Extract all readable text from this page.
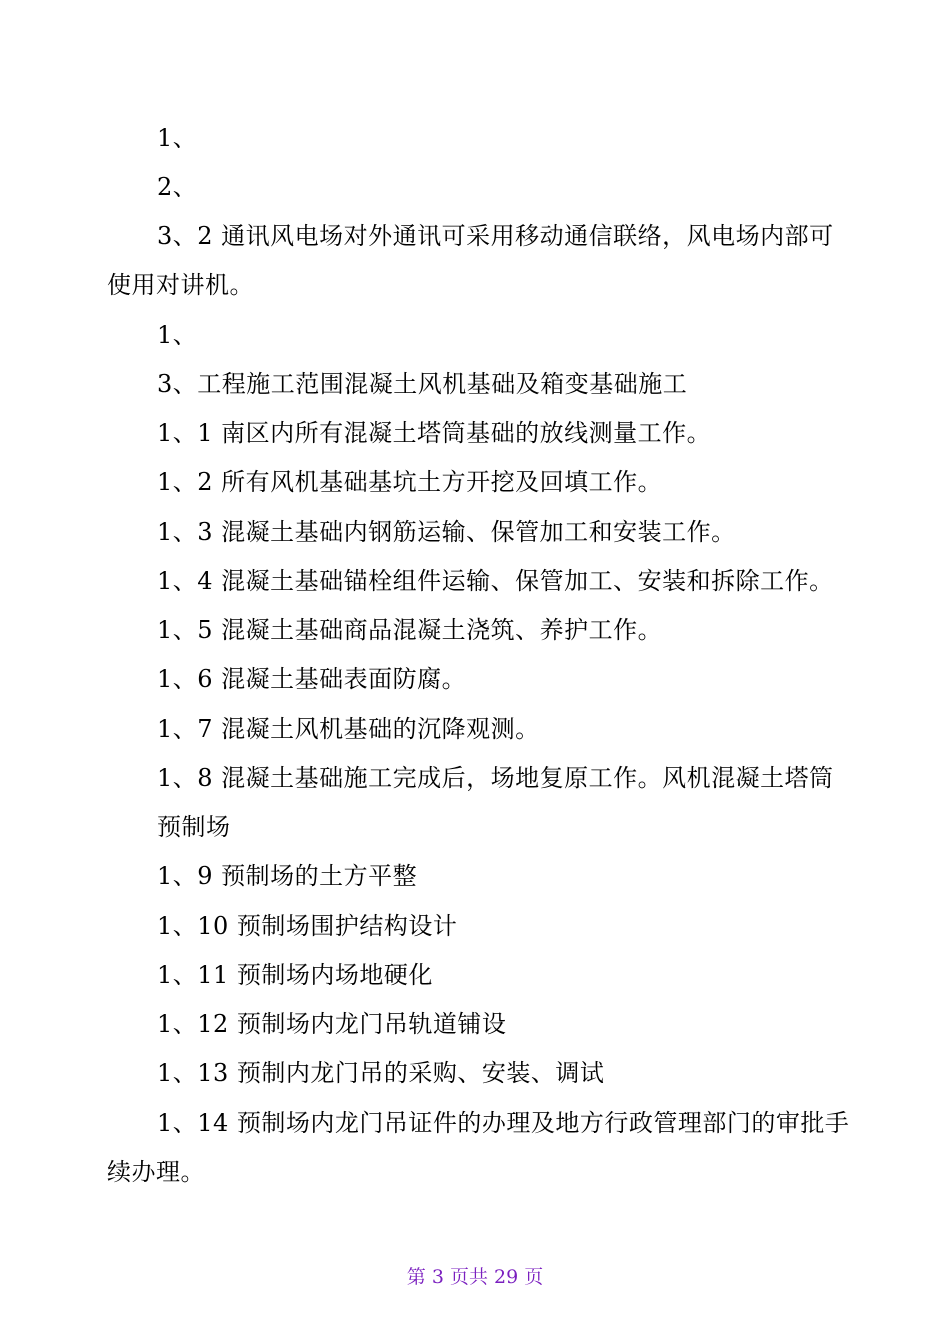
1、
2、
3、2 通讯风电场对外通讯可采用移动通信联络，风电场内部可
使用对讲机。
1、
3、工程施工范围混凝土风机基础及箱变基础施工
1、1 南区内所有混凝土塔筒基础的放线测量工作。
1、2 所有风机基础基坑土方开挖及回填工作。
1、3 混凝土基础内钢筋运输、保管加工和安装工作。
1、4 混凝土基础锚栓组件运输、保管加工、安装和拆除工作。
1、5 混凝土基础商品混凝土浇筑、养护工作。
1、6 混凝土基础表面防腐。
1、7 混凝土风机基础的沉降观测。
1、8 混凝土基础施工完成后，场地复原工作。风机混凝土塔筒
预制场
1、9 预制场的土方平整
1、10 预制场围护结构设计
1、11 预制场内场地硬化
1、12 预制场内龙门吊轨道铺设
1、13 预制内龙门吊的采购、安装、调试
1、14 预制场内龙门吊证件的办理及地方行政管理部门的审批手
续办理。
第 3 页共 29 页
